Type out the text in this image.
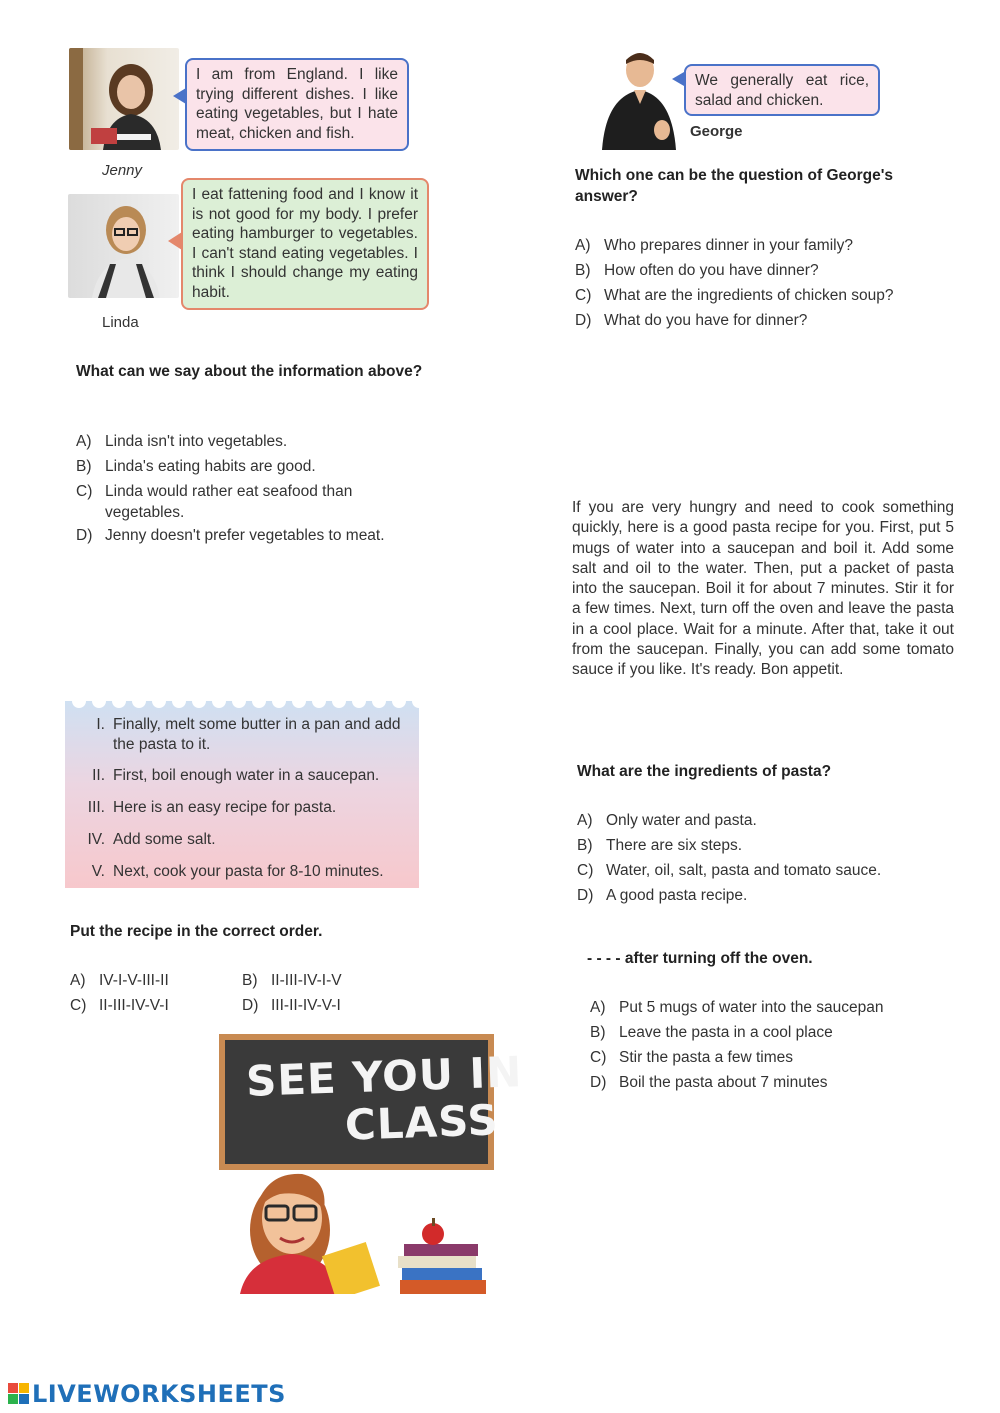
I am from England. I like trying different dishes. I like eating vegetables, but I hate meat, chicken and fish.
Jenny
I eat fattening food and I know it is not good for my body. I prefer eating hamburger to vegetables. I can't stand eating vegetables. I think I should change my eating habit.
Linda
What can we say about the information above?
A) Linda isn't into vegetables.
B) Linda's eating habits are good.
C) Linda would rather eat seafood than vegetables.
D) Jenny doesn't prefer vegetables to meat.
We generally eat rice, salad and chicken.
George
Which one can be the question of George's answer?
A) Who prepares dinner in your family?
B) How often do you have dinner?
C) What are the ingredients of chicken soup?
D) What do you have for dinner?
If you are very hungry and need to cook something quickly, here is a good pasta recipe for you. First, put 5 mugs of water into a saucepan and boil it. Add some salt and oil to the water. Then, put a packet of pasta into the saucepan. Boil it for about 7 minutes. Stir it for a few times. Next, turn off the oven and leave the pasta in a cool place. Wait for a minute. After that, take it out from the saucepan. Finally, you can add some tomato sauce if you like. It's ready. Bon appetit.
I. Finally, melt some butter in a pan and add the pasta to it.
II. First, boil enough water in a saucepan.
III. Here is an easy recipe for pasta.
IV. Add some salt.
V. Next, cook your pasta for 8-10 minutes.
Put the recipe in the correct order.
A) IV-I-V-III-II	B) II-III-IV-I-V
C) II-III-IV-V-I	D) III-II-IV-V-I
What are the ingredients of pasta?
A) Only water and pasta.
B) There are six steps.
C) Water, oil, salt, pasta and tomato sauce.
D) A good pasta recipe.
- - - - after turning off the oven.
A) Put 5 mugs of water into the saucepan
B) Leave the pasta in a cool place
C) Stir the pasta a few times
D) Boil the pasta about 7 minutes
SEE YOU IN
CLASS
LIVEWORKSHEETS
